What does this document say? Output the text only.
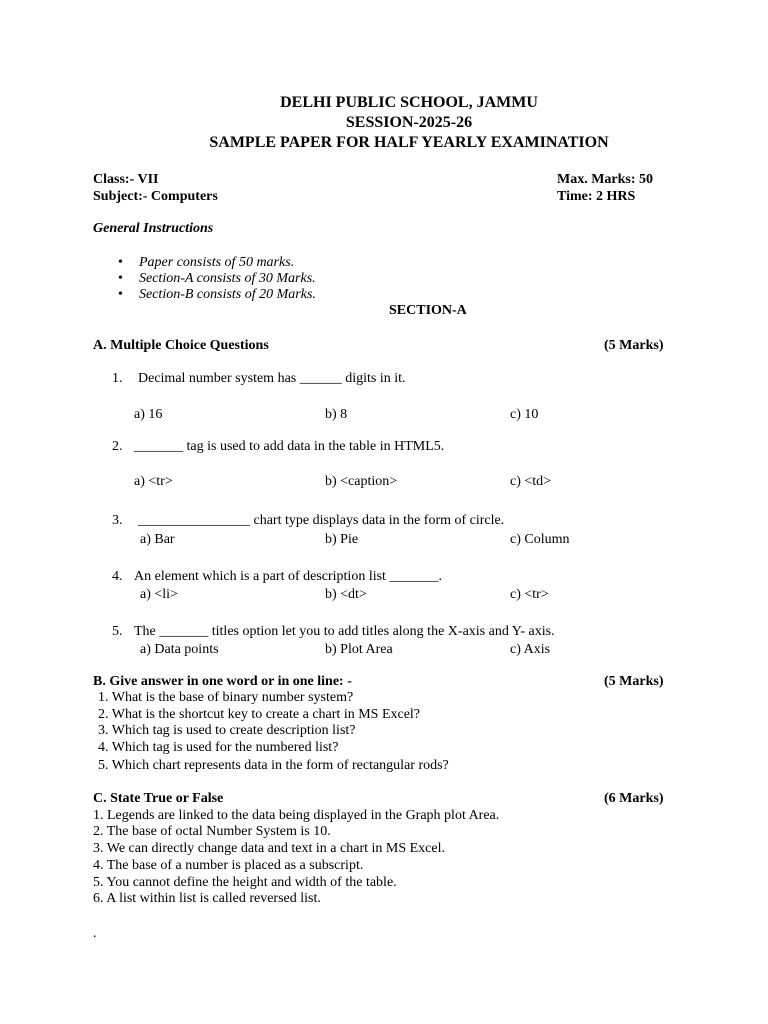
DELHI PUBLIC SCHOOL, JAMMU
SESSION-2025-26
SAMPLE PAPER FOR HALF YEARLY EXAMINATION
Class:- VII
Subject:- Computers
Max. Marks: 50
Time: 2 HRS
General Instructions
• Paper consists of 50 marks.
• Section-A consists of 30 Marks.
• Section-B consists of 20 Marks.
SECTION-A
A. Multiple Choice Questions	(5 Marks)
1. Decimal number system has ______ digits in it.
a) 16	b) 8	c) 10
2. _______ tag is used to add data in the table in HTML5.
a) <tr>	b) <caption>	c) <td>
3. ________________ chart type displays data in the form of circle.
a) Bar	b) Pie	c) Column
4. An element which is a part of description list _______.
a) <li>	b) <dt>	c) <tr>
5. The _______ titles option let you to add titles along the X-axis and Y- axis.
a) Data points	b) Plot Area	c) Axis
B. Give answer in one word or in one line: -	(5 Marks)
1. What is the base of binary number system?
2. What is the shortcut key to create a chart in MS Excel?
3. Which tag is used to create description list?
4. Which tag is used for the numbered list?
5. Which chart represents data in the form of rectangular rods?
C. State True or False	(6 Marks)
1. Legends are linked to the data being displayed in the Graph plot Area.
2. The base of octal Number System is 10.
3. We can directly change data and text in a chart in MS Excel.
4. The base of a number is placed as a subscript.
5. You cannot define the height and width of the table.
6. A list within list is called reversed list.
.
